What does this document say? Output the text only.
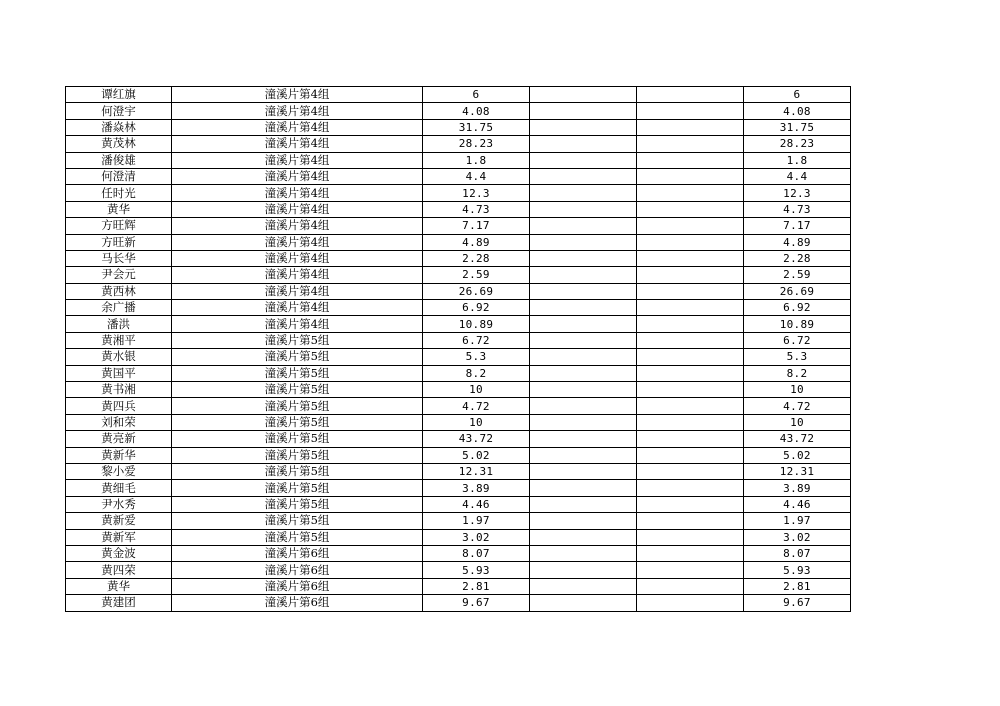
谭红旗	潼溪片第4组	6			6
何澄宇	潼溪片第4组	4.08			4.08
潘焱林	潼溪片第4组	31.75			31.75
黄茂林	潼溪片第4组	28.23			28.23
潘俊雄	潼溪片第4组	1.8			1.8
何澄清	潼溪片第4组	4.4			4.4
任时光	潼溪片第4组	12.3			12.3
黄华	潼溪片第4组	4.73			4.73
方旺辉	潼溪片第4组	7.17			7.17
方旺新	潼溪片第4组	4.89			4.89
马长华	潼溪片第4组	2.28			2.28
尹会元	潼溪片第4组	2.59			2.59
黄西林	潼溪片第4组	26.69			26.69
余广播	潼溪片第4组	6.92			6.92
潘洪	潼溪片第4组	10.89			10.89
黄湘平	潼溪片第5组	6.72			6.72
黄水银	潼溪片第5组	5.3			5.3
黄国平	潼溪片第5组	8.2			8.2
黄书湘	潼溪片第5组	10			10
黄四兵	潼溪片第5组	4.72			4.72
刘和荣	潼溪片第5组	10			10
黄亮新	潼溪片第5组	43.72			43.72
黄新华	潼溪片第5组	5.02			5.02
黎小爱	潼溪片第5组	12.31			12.31
黄细毛	潼溪片第5组	3.89			3.89
尹水秀	潼溪片第5组	4.46			4.46
黄新爱	潼溪片第5组	1.97			1.97
黄新军	潼溪片第5组	3.02			3.02
黄金波	潼溪片第6组	8.07			8.07
黄四荣	潼溪片第6组	5.93			5.93
黄华	潼溪片第6组	2.81			2.81
黄建团	潼溪片第6组	9.67			9.67
